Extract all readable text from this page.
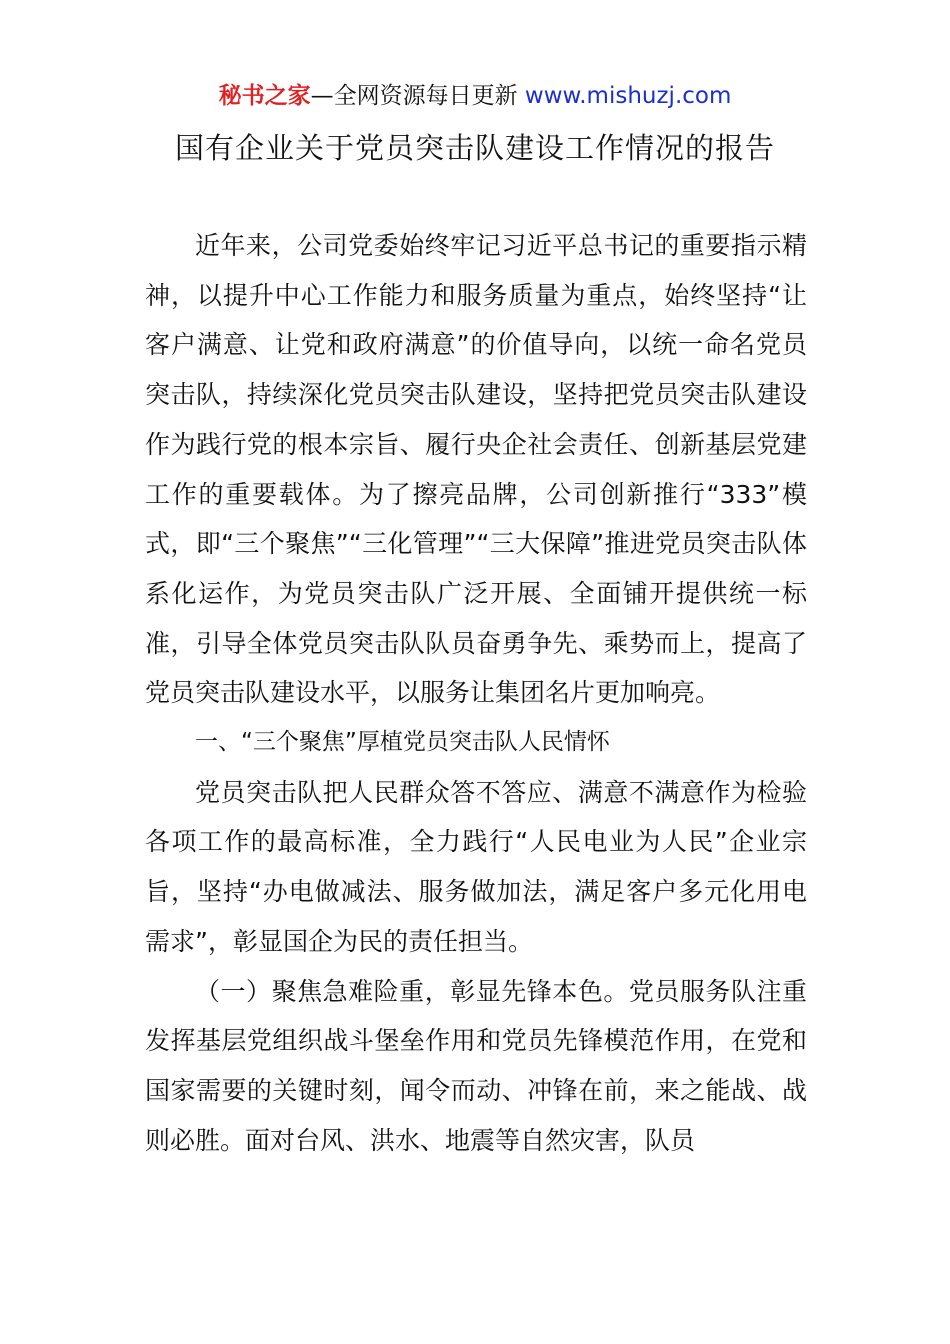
秘书之家—全网资源每日更新 www.mishuzj.com
国有企业关于党员突击队建设工作情况的报告

近年来，公司党委始终牢记习近平总书记的重要指示精神，以提升中心工作能力和服务质量为重点，始终坚持“让客户满意、让党和政府满意”的价值导向，以统一命名党员突击队，持续深化党员突击队建设，坚持把党员突击队建设作为践行党的根本宗旨、履行央企社会责任、创新基层党建工作的重要载体。为了擦亮品牌，公司创新推行“333”模式，即“三个聚焦”“三化管理”“三大保障”推进党员突击队体系化运作，为党员突击队广泛开展、全面铺开提供统一标准，引导全体党员突击队队员奋勇争先、乘势而上，提高了党员突击队建设水平，以服务让集团名片更加响亮。

一、“三个聚焦”厚植党员突击队人民情怀

党员突击队把人民群众答不答应、满意不满意作为检验各项工作的最高标准，全力践行“人民电业为人民”企业宗旨，坚持“办电做减法、服务做加法，满足客户多元化用电需求”，彰显国企为民的责任担当。

（一）聚焦急难险重，彰显先锋本色。党员服务队注重发挥基层党组织战斗堡垒作用和党员先锋模范作用，在党和国家需要的关键时刻，闻令而动、冲锋在前，来之能战、战则必胜。面对台风、洪水、地震等自然灾害，队员
